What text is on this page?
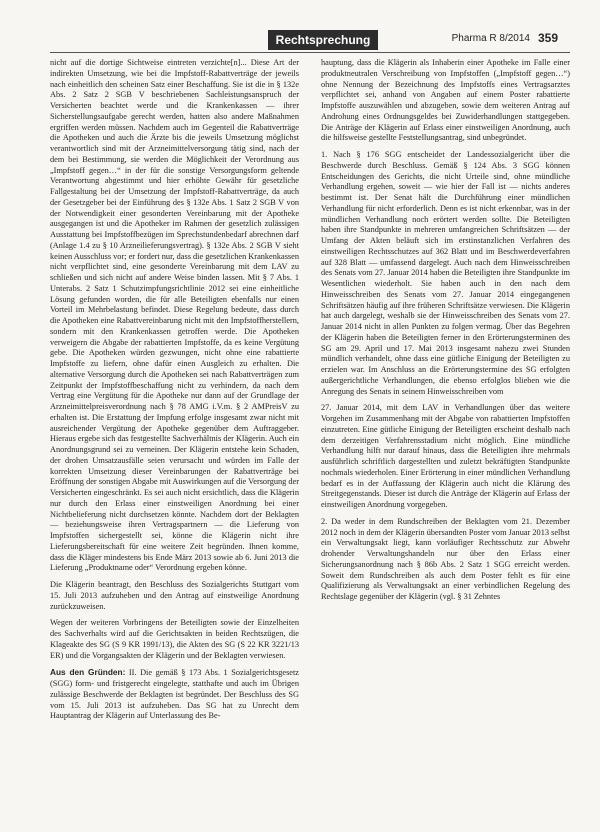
Rechtsprechung	Pharma R 8/2014 359

nicht auf die dortige Sichtweise eintreten verzichte[n]... Diese Art der indirekten Umsetzung, wie bei die Impfstoff-Rabattverträge der jeweils nach einheitlich den scheinen Satz einer Beschaffung. Sie ist die in § 132e Abs. 2 Satz 2 SGB V beschriebenen Sachleistungsanspruch der Versicherten beachtet werde und die Krankenkassen — ihrer Sicherstellungsaufgabe gerecht werden, hatten also andere Maßnahmen ergriffen werden müssen. Nachdem auch im Gegenteil die Rabattverträge die Apotheken und auch die Ärzte bis die jeweils Umsetzung möglichst verantwortlich sind mit der Arzneimittelversorgung tätig sind, nach der dem bei Bestimmung, sie werden die Möglichkeit der Verordnung aus „Impfstoff gegen…“ in der für die sonstige Versorgungsform geltende Verantwortung abgestimmt und hier erhöhte Gewähr für gesetzliche Fallgestaltung bei der Umsetzung der Impfstoff-Rabattverträge, da auch der Gesetzgeber bei der Einführung des § 132e Abs. 1 Satz 2 SGB V von der Notwendigkeit einer gesonderten Vereinbarung mit der Apotheke ausgegangen ist und die Apotheker im Rahmen der gesetzlich zulässigen Ausstattung bei Impfstoffbezügen im Sprechstundenbedarf abrechnen darf (Anlage 1.4 zu § 10 Arzneilieferungsvertrag). § 132e Abs. 2 SGB V sieht keinen Ausschluss vor; er fordert nur, dass die gesetzlichen Krankenkassen nicht verpflichtet sind, eine gesonderte Vereinbarung mit dem LAV zu schließen und sich nicht auf andere Weise binden lassen. Mit § 7 Abs. 1 Unterabs. 2 Satz 1 Schutzimpfungsrichtlinie 2012 sei eine einheitliche Lösung gefunden worden, die für alle Beteiligten ebenfalls nur einen Vorteil im Mehrbelastung befindet. Diese Regelung bedeute, dass durch die Apotheken eine Rabattvereinbarung nicht mit den Impfstoffherstellern, sondern mit den Krankenkassen getroffen werde. Die Apotheken verweigern die Abgabe der rabattierten Impfstoffe, da es keine Vergütung gebe. Die Apotheken würden gezwungen, nicht ohne eine rabattierte Impfstoffe zu liefern, ohne dafür einen Ausgleich zu erhalten. Die alternative Versorgung durch die Apotheken sei nach Rabattverträgen zum Zeitpunkt der Impfstoffbeschaffung nicht zu verhindern, da nach dem Vertrag eine Vergütung für die Apotheke nur dann auf der Grundlage der Arzneimittelpreisverordnung nach § 78 AMG i.V.m. § 2 AMPreisV zu erhalten ist. Die Erstattung der Impfung erfolge insgesamt zwar nicht mit ausreichender Vergütung der Apotheke gegenüber dem Auftraggeber. Hieraus ergebe sich das festgestellte Sachverhältnis der Klägerin. Auch ein Anordnungsgrund sei zu verneinen. Der Klägerin entstehe kein Schaden, der drohen Umsatzausfälle seien verursacht und würden im Falle der korrekten Umsetzung dieser Vereinbarungen der Rabattverträge bei Eröffnung der sonstigen Abgabe mit Auswirkungen auf die Versorgung der Versicherten eingeschränkt. Es sei auch nicht ersichtlich, dass die Klägerin nur durch den Erlass einer einstweiligen Anordnung bei einer Nichtbelieferung nicht durchsetzen könnte. Nachdem dort der Beklagten — beziehungsweise ihren Vertragspartnern — die Lieferung von Impfstoffen sichergestellt sei, könne die Klägerin nicht ihre Lieferungsbereitschaft für eine weitere Zeit begründen. Ihnen komme, dass die Kläger mindestens bis Ende März 2013 sowie ab 6. Juni 2013 die Lieferung „Produktname oder“ Verordnung ergeben könne.

Die Klägerin beantragt, den Beschluss des Sozialgerichts Stuttgart vom 15. Juli 2013 aufzuheben und den Antrag auf einstweilige Anordnung zurückzuweisen.

Wegen der weiteren Vorbringens der Beteiligten sowie der Einzelheiten des Sachverhalts wird auf die Gerichtsakten in beiden Rechtszügen, die Klageakte des SG (S 9 KR 1991/13), die Akten des SG (S 22 KR 3221/13 ER) und die Vorgangsakten der Klägerin und der Beklagten verwiesen.

Aus den Gründen: II. Die gemäß § 173 Abs. 1 Sozialgerichtsgesetz (SGG) form- und fristgerecht eingelegte, statthafte und auch im Übrigen zulässige Beschwerde der Beklagten ist begründet. Der Beschluss des SG vom 15. Juli 2013 ist aufzuheben. Das SG hat zu Unrecht dem Hauptantrag der Klägerin auf Unterlassung des Be-

hauptung, dass die Klägerin als Inhaberin einer Apotheke im Falle einer produktneutralen Verschreibung von Impfstoffen („Impfstoff gegen…“) ohne Nennung der Bezeichnung des Impfstoffs eines Vertragsarztes verpflichtet sei, anhand von Angaben auf einem Poster rabattierte Impfstoffe auszuwählen und abzugeben, sowie dem weiteren Antrag auf Androhung eines Ordnungsgeldes bei Zuwiderhandlungen stattgegeben. Die Anträge der Klägerin auf Erlass einer einstweiligen Anordnung, auch die hilfsweise gestellte Feststellungsantrag, sind unbegründet.

1. Nach § 176 SGG entscheidet der Landessozialgericht über die Beschwerde durch Beschluss. Gemäß § 124 Abs. 3 SGG können Entscheidungen des Gerichts, die nicht Urteile sind, ohne mündliche Verhandlung ergehen, soweit — wie hier der Fall ist — nichts anderes bestimmt ist. Der Senat hält die Durchführung einer mündlichen Verhandlung für nicht erforderlich. Denn es ist nicht erkennbar, was in der mündlichen Verhandlung noch erörtert werden sollte. Die Beteiligten haben ihre Standpunkte in mehreren umfangreichen Schriftsätzen — der Umfang der Akten beläuft sich im erstinstanzlichen Verfahren des einstweiligen Rechtsschutzes auf 362 Blatt und im Beschwerdeverfahren auf 328 Blatt — umfassend dargelegt. Auch nach dem Hinweisschreiben des Senats vom 27. Januar 2014 haben die Beteiligten ihre Standpunkte im Wesentlichen wiederholt. Sie haben auch in den nach dem Hinweisschreiben des Senats vom 27. Januar 2014 eingegangenen Schriftsätzen häufig auf ihre früheren Schriftsätze verwiesen. Die Klägerin hat auch dargelegt, weshalb sie der Hinweisschreiben des Senats vom 27. Januar 2014 nicht in allen Punkten zu folgen vermag. Über das Begehren der Klägerin haben die Beteiligten ferner in den Erörterungsterminen des SG am 29. April und 17. Mai 2013 insgesamt nahezu zwei Stunden mündlich verhandelt, ohne dass eine gütliche Einigung der Beteiligten zu erzielen war. Im Anschluss an die Erörterungstermine des SG erfolgten außergerichtliche Verhandlungen, die ebenso erfolglos blieben wie die Anregung des Senats in seinem Hinweisschreiben vom

27. Januar 2014, mit dem LAV in Verhandlungen über das weitere Vorgehen im Zusammenhang mit der Abgabe von rabattierten Impfstoffen einzutreten. Eine gütliche Einigung der Beteiligten erscheint deshalb nach dem derzeitigen Verfahrensstadium nicht möglich. Eine mündliche Verhandlung hilft nur darauf hinaus, dass die Beteiligten ihre mehrmals ausführlich schriftlich dargestellten und zuletzt bekräftigten Standpunkte nochmals wiederholen. Einer Erörterung in einer mündlichen Verhandlung bedarf es in der Auffassung der Klägerin auch nicht die Klärung des Streitgegenstands. Dieser ist durch die Anträge der Klägerin auf Erlass der einstweiligen Anordnung vorgegeben.

2. Da weder in dem Rundschreiben der Beklagten vom 21. Dezember 2012 noch in dem der Klägerin übersandten Poster vom Januar 2013 selbst ein Verwaltungsakt liegt, kann vorläufiger Rechtsschutz zur Abwehr drohender Verwaltungshandeln nur über den Erlass einer Sicherungsanordnung nach § 86b Abs. 2 Satz 1 SGG erreicht werden. Soweit dem Rundschreiben als auch dem Poster fehlt es für eine Qualifizierung als Verwaltungsakt an einer verbindlichen Regelung des Rechtslage gegenüber der Klägerin (vgl. § 31 Zehntes
